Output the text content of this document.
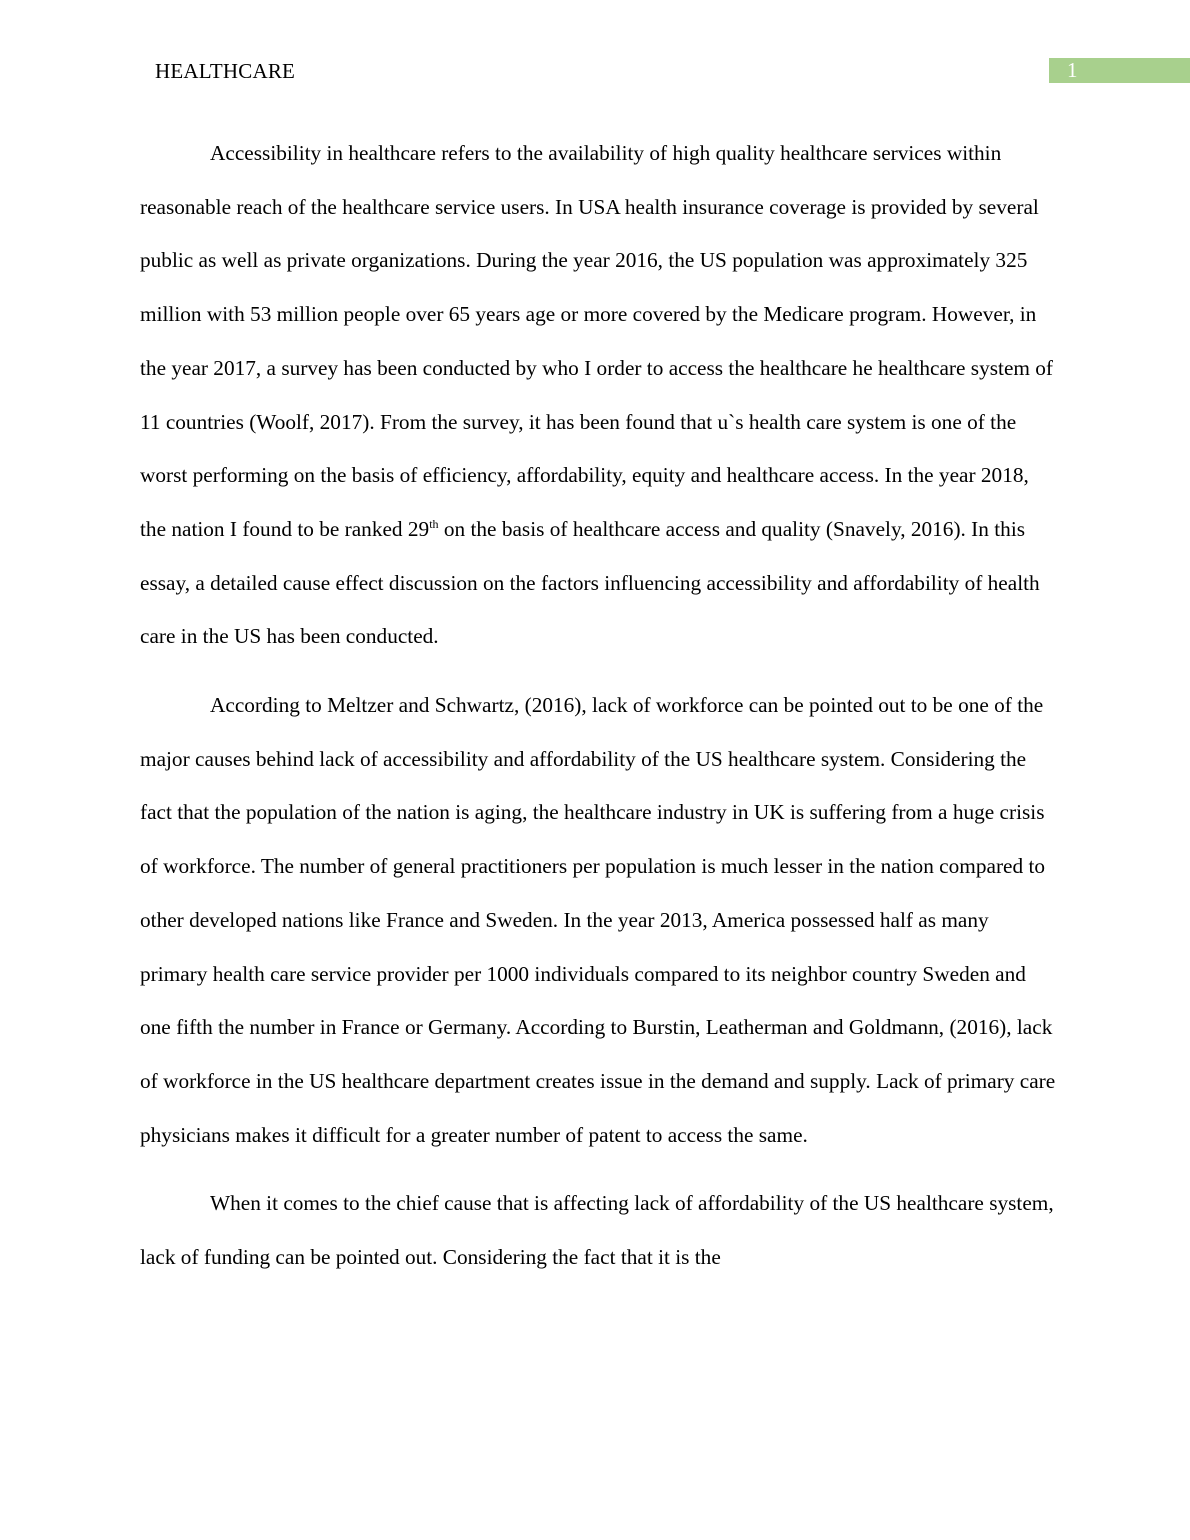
HEALTHCARE	1

Accessibility in healthcare refers to the availability of high quality healthcare services within reasonable reach of the healthcare service users. In USA health insurance coverage is provided by several public as well as private organizations. During the year 2016, the US population was approximately 325 million with 53 million people over 65 years age or more covered by the Medicare program. However, in the year 2017, a survey has been conducted by who I order to access the healthcare he healthcare system of 11 countries (Woolf, 2017). From the survey, it has been found that u`s health care system is one of the worst performing on the basis of efficiency, affordability, equity and healthcare access. In the year 2018, the nation I found to be ranked 29th on the basis of healthcare access and quality (Snavely, 2016). In this essay, a detailed cause effect discussion on the factors influencing accessibility and affordability of health care in the US has been conducted.

According to Meltzer and Schwartz, (2016), lack of workforce can be pointed out to be one of the major causes behind lack of accessibility and affordability of the US healthcare system. Considering the fact that the population of the nation is aging, the healthcare industry in UK is suffering from a huge crisis of workforce. The number of general practitioners per population is much lesser in the nation compared to other developed nations like France and Sweden. In the year 2013, America possessed half as many primary health care service provider per 1000 individuals compared to its neighbor country Sweden and one fifth the number in France or Germany. According to Burstin, Leatherman and Goldmann, (2016), lack of workforce in the US healthcare department creates issue in the demand and supply. Lack of primary care physicians makes it difficult for a greater number of patent to access the same.

When it comes to the chief cause that is affecting lack of affordability of the US healthcare system, lack of funding can be pointed out. Considering the fact that it is the
